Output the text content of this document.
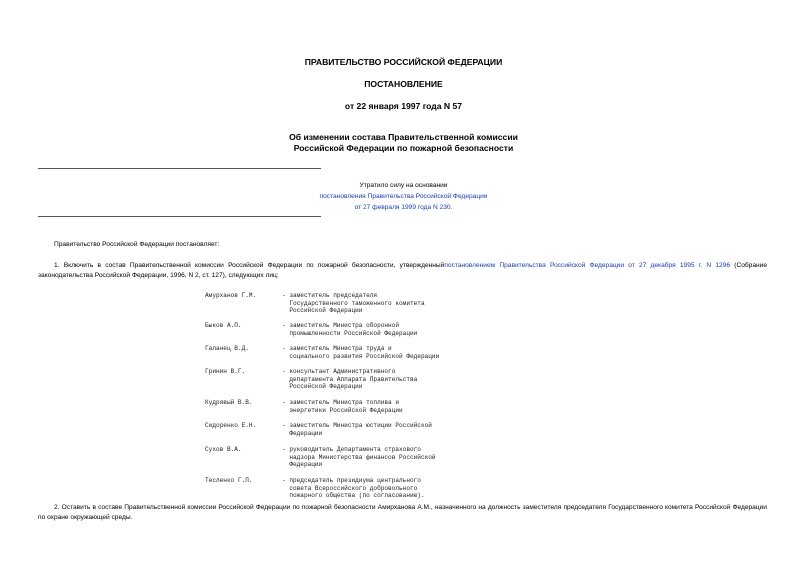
ПРАВИТЕЛЬСТВО РОССИЙСКОЙ ФЕДЕРАЦИИ
ПОСТАНОВЛЕНИЕ
от 22 января 1997 года N 57
Об изменении состава Правительственной комиссии
Российской Федерации по пожарной безопасности
Утратило силу на основании
постановления Правительства Российской Федерации
от 27 февраля 1999 года N 230.
Правительство Российской Федерации постановляет:
1. Включить в состав Правительственной комиссии Российской Федерации по пожарной безопасности, утвержденныйпостановлением Правительства Российской Федерации от 27 декабря 1995 г. N 1296 (Собрание законодательства Российской Федерации, 1996, N 2, ст. 127), следующих лиц:
Амурханов Г.М.	- заместитель председателя
Государственного таможенного комитета
Российской Федерации
Быков А.П.	- заместитель Министра оборонной
промышленности Российской Федерации
Галанец В.Д.	- заместитель Министра труда и
социального развития Российской Федерации
Гринин В.Г.	- консультант Административного
департамента Аппарата Правительства
Российской Федерации
Кудрявый В.В.	- заместитель Министра топлива и
энергетики Российской Федерации
Сидоренко Е.Н.	- заместитель Министра юстиции Российской
Федерации
Сухов В.А.	- руководитель Департамента страхового
надзора Министерства финансов Российской
Федерации
Тесленко Г.П.	- председатель президиума центрального
совета Всероссийского добровольного
пожарного общества (по согласованию).
2. Оставить в составе Правительственной комиссии Российской Федерации по пожарной безопасности Амирханова А.М., назначенного на должность заместителя председателя Государственного комитета Российской Федерации по охране окружающей среды.
